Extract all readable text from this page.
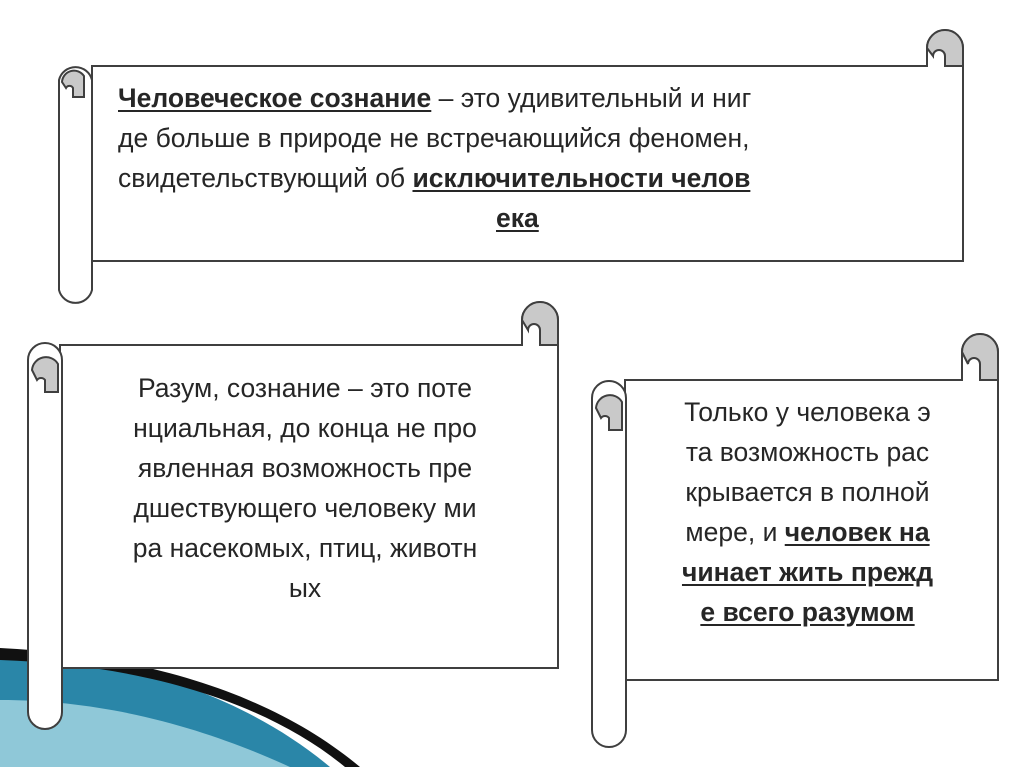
Человеческое сознание – это удивительный и ниг

де больше в природе не встречающийся феномен,

свидетельствующий об исключительности челов

ека

Разум, сознание – это поте

нциальная, до конца не про

явленная возможность пре

дшествующего человеку ми

ра насекомых, птиц, животн

ых

Только у человека э

та возможность рас

крывается в полной

мере, и человек на

чинает жить прежд

е всего разумом
